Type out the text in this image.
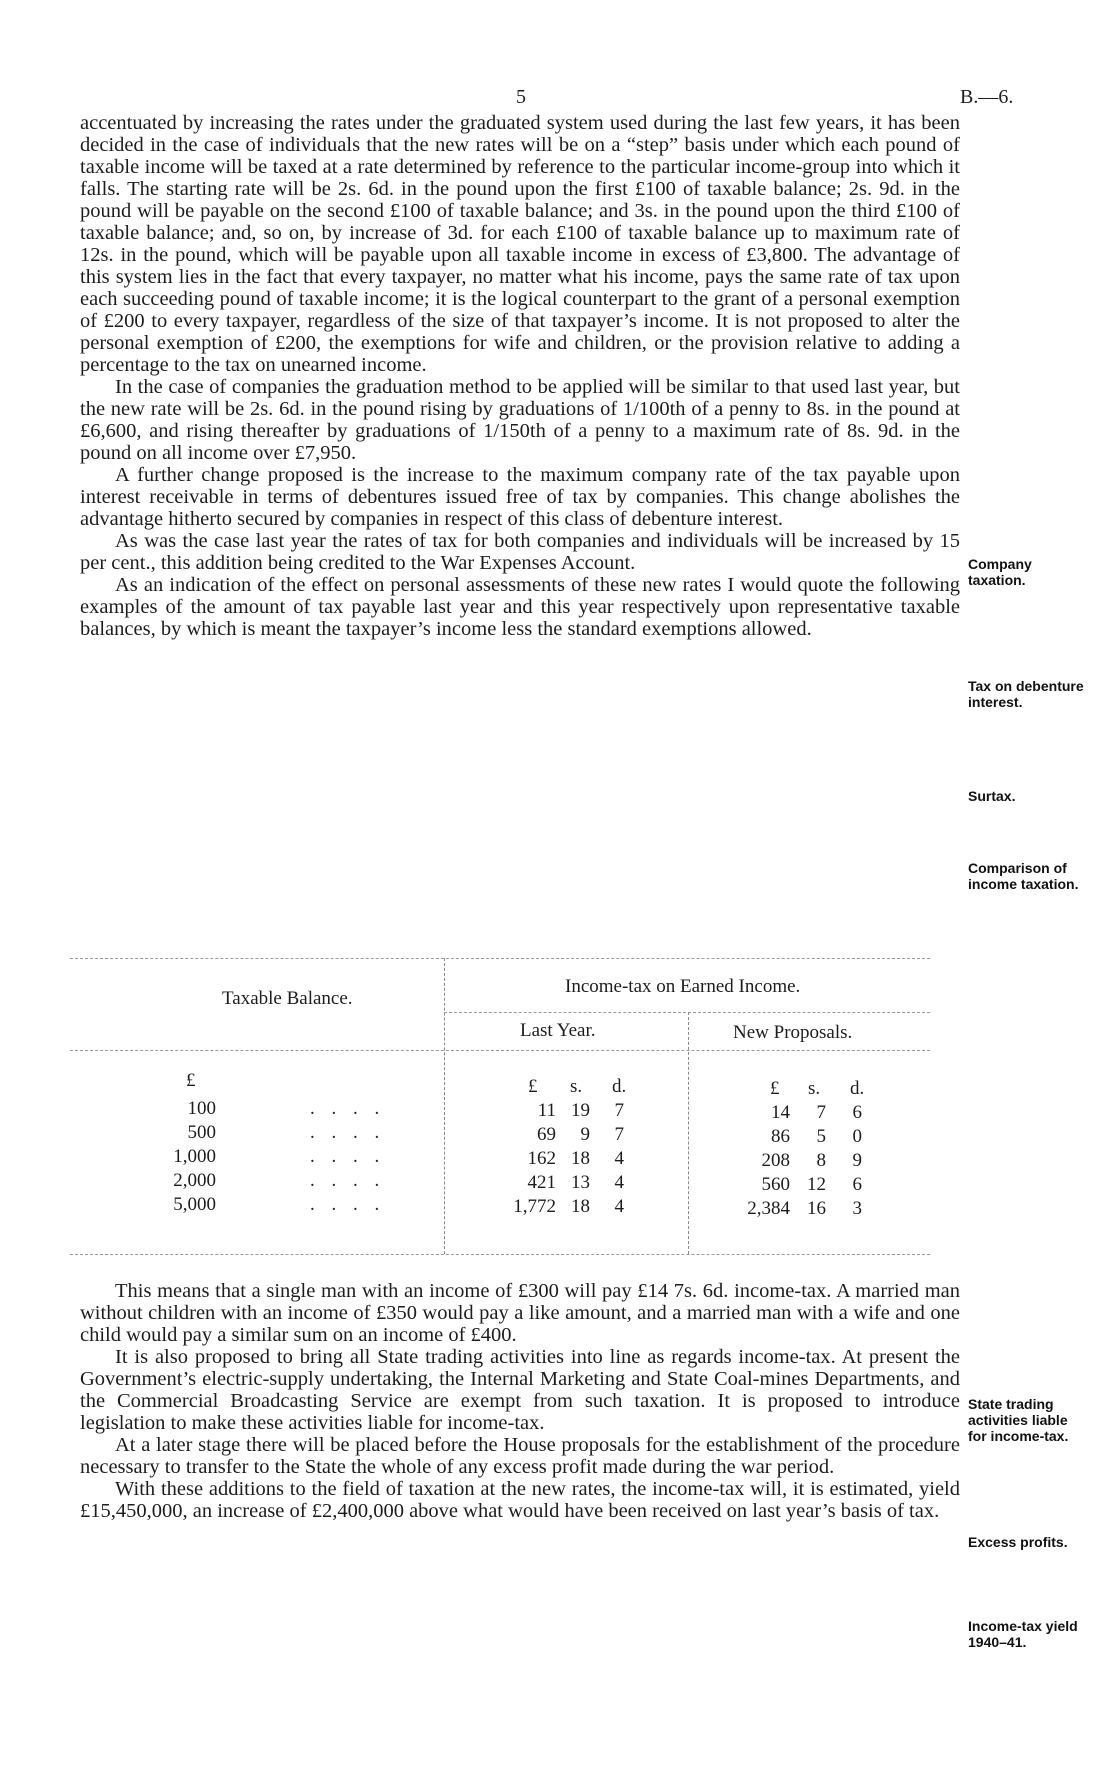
5	B.—6.

accentuated by increasing the rates under the graduated system used during the last few years, it has been decided in the case of individuals that the new rates will be on a “step” basis under which each pound of taxable income will be taxed at a rate determined by reference to the particular income-group into which it falls. The starting rate will be 2s. 6d. in the pound upon the first £100 of taxable balance; 2s. 9d. in the pound will be payable on the second £100 of taxable balance; and 3s. in the pound upon the third £100 of taxable balance; and, so on, by increase of 3d. for each £100 of taxable balance up to maximum rate of 12s. in the pound, which will be payable upon all taxable income in excess of £3,800. The advantage of this system lies in the fact that every taxpayer, no matter what his income, pays the same rate of tax upon each succeeding pound of taxable income; it is the logical counterpart to the grant of a personal exemption of £200 to every taxpayer, regardless of the size of that taxpayer’s income. It is not proposed to alter the personal exemption of £200, the exemptions for wife and children, or the provision relative to adding a percentage to the tax on unearned income.

In the case of companies the graduation method to be applied will be similar to that used last year, but the new rate will be 2s. 6d. in the pound rising by graduations of 1/100th of a penny to 8s. in the pound at £6,600, and rising thereafter by graduations of 1/150th of a penny to a maximum rate of 8s. 9d. in the pound on all income over £7,950.

A further change proposed is the increase to the maximum company rate of the tax payable upon interest receivable in terms of debentures issued free of tax by companies. This change abolishes the advantage hitherto secured by companies in respect of this class of debenture interest.

As was the case last year the rates of tax for both companies and individuals will be increased by 15 per cent., this addition being credited to the War Expenses Account.

As an indication of the effect on personal assessments of these new rates I would quote the following examples of the amount of tax payable last year and this year respectively upon representative taxable balances, by which is meant the taxpayer’s income less the standard exemptions allowed.

Company taxation.
Tax on debenture interest.
Surtax.
Comparison of income taxation.
Taxable Balance.
Income-tax on Earned Income.
Last Year.	New Proposals.
£	£ s. d.	£ s. d.
100	. . . .	11 19	7	14	7	6
500	. . . .	69	9	7	86	5	0
1,000	. . . .	162 18	4	208	8	9
2,000	. . . .	421 13	4	560 12	6
5,000	. . . .	1,772 18	4	2,384 16	3

This means that a single man with an income of £300 will pay £14 7s. 6d. income-tax. A married man without children with an income of £350 would pay a like amount, and a married man with a wife and one child would pay a similar sum on an income of £400.

It is also proposed to bring all State trading activities into line as regards income-tax. At present the Government’s electric-supply undertaking, the Internal Marketing and State Coal-mines Departments, and the Commercial Broadcasting Service are exempt from such taxation. It is proposed to introduce legislation to make these activities liable for income-tax.

At a later stage there will be placed before the House proposals for the establishment of the procedure necessary to transfer to the State the whole of any excess profit made during the war period.

With these additions to the field of taxation at the new rates, the income-tax will, it is estimated, yield £15,450,000, an increase of £2,400,000 above what would have been received on last year’s basis of tax.

State trading activities liable for income-tax.
Excess profits.
Income-tax yield 1940–41.
